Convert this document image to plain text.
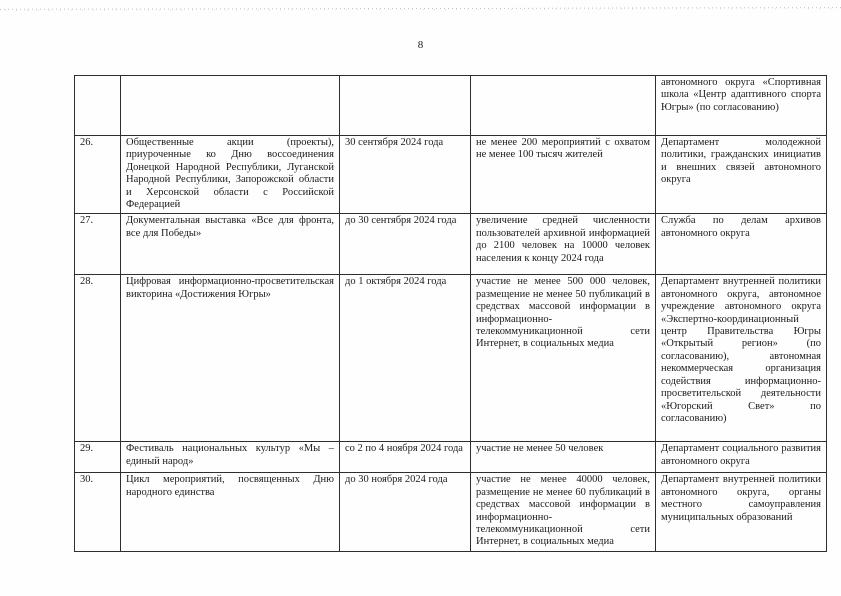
8
				автономного округа «Спортивная школа «Центр адаптивного спорта Югры» (по согласованию)
26.	Общественные акции (проекты), приуроченные ко Дню воссоединения Донецкой Народной Республики, Луганской Народной Республики, Запорожской области и Херсонской области с Российской Федерацией	30 сентября 2024 года	не менее 200 мероприятий с охватом не менее 100 тысяч жителей	Департамент молодежной политики, гражданских инициатив и внешних связей автономного округа
27.	Документальная выставка «Все для фронта, все для Победы»	до 30 сентября 2024 года	увеличение средней численности пользователей архивной информацией до 2100 человек на 10000 человек населения к концу 2024 года	Служба по делам архивов автономного округа
28.	Цифровая информационно-просветительская викторина «Достижения Югры»	до 1 октября 2024 года	участие не менее 500 000 человек, размещение не менее 50 публикаций в средствах массовой информации в информационно-телекоммуникационной сети Интернет, в социальных медиа	Департамент внутренней политики автономного округа, автономное учреждение автономного округа «Экспертно-координационный центр Правительства Югры «Открытый регион» (по согласованию), автономная некоммерческая организация содействия информационно-просветительской деятельности «Югорский Свет» по согласованию)
29.	Фестиваль национальных культур «Мы – единый народ»	со 2 по 4 ноября 2024 года	участие не менее 50 человек	Департамент социального развития автономного округа
30.	Цикл мероприятий, посвященных Дню народного единства	до 30 ноября 2024 года	участие не менее 40000 человек, размещение не менее 60 публикаций в средствах массовой информации в информационно-телекоммуникационной сети Интернет, в социальных медиа	Департамент внутренней политики автономного округа, органы местного самоуправления муниципальных образований
